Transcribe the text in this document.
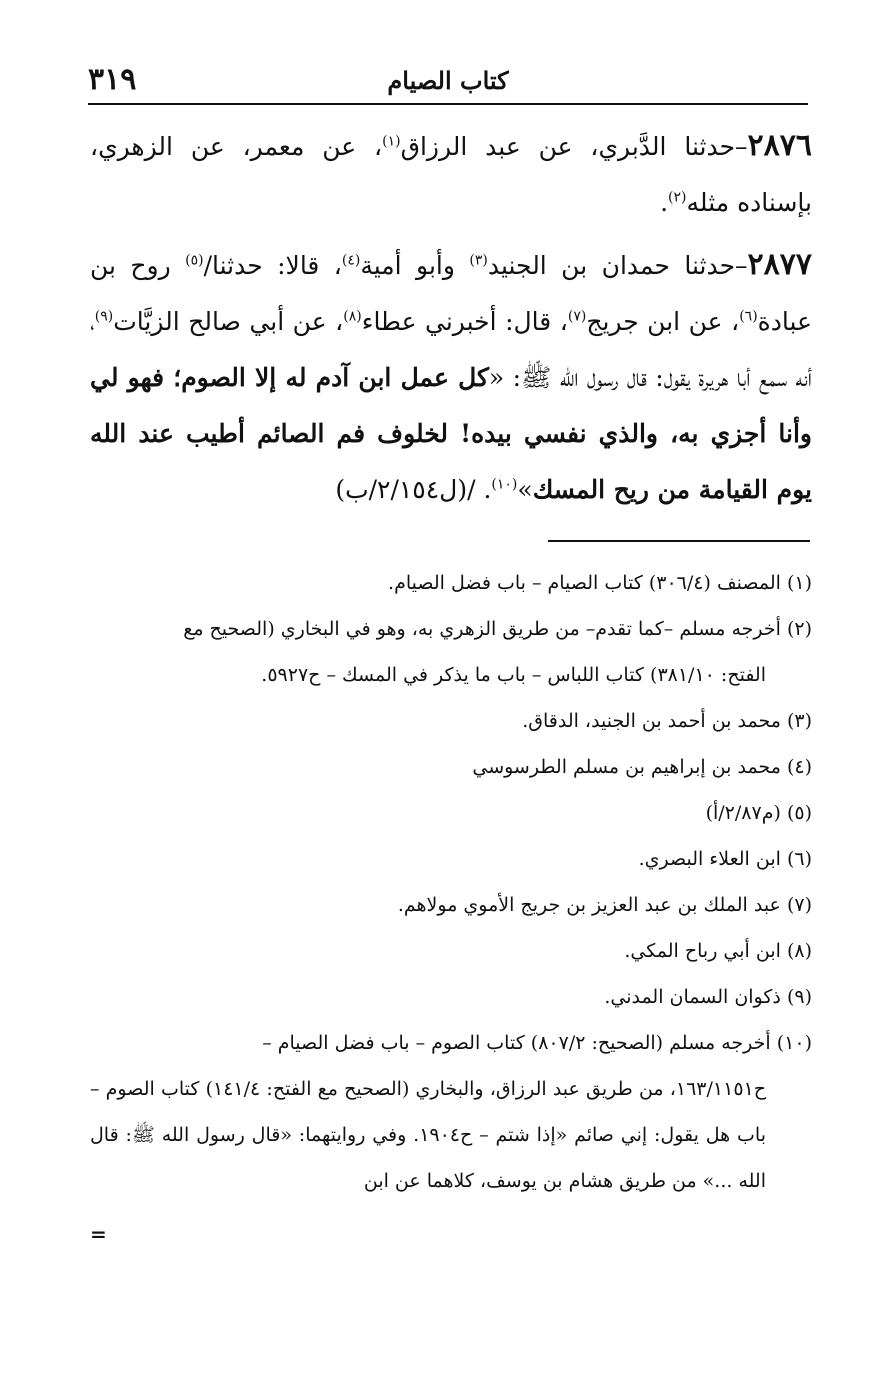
٣١٩	كتاب الصيام

٢٨٧٦–حدثنا الدَّبري، عن عبد الرزاق$^{(١)}$، عن معمر، عن الزهري، بإسناده مثله$^{(٢)}$.

٢٨٧٧–حدثنا حمدان بن الجنيد$^{(٣)}$ وأبو أمية$^{(٤)}$، قالا: حدثنا/$^{(٥)}$ روح بن عبادة$^{(٦)}$، عن ابن جريج$^{(٧)}$، قال: أخبرني عطاء$^{(٨)}$، عن أبي صالح الزيَّات$^{(٩)}$، أنه سمع أبا هريرة يقول: قال رسول الله ﷺ: «كل عمل ابن آدم له إلا الصوم؛ فهو لي وأنا أجزي به، والذي نفسي بيده! لخلوف فم الصائم أطيب عند الله يوم القيامة من ريح المسك»$^{(١٠)}$. /(ل٢/١٥٤/ب)

(١) المصنف (٣٠٦/٤) كتاب الصيام – باب فضل الصيام.

(٢) أخرجه مسلم –كما تقدم– من طريق الزهري به، وهو في البخاري (الصحيح مع

الفتح: ٣٨١/١٠) كتاب اللباس – باب ما يذكر في المسك – ح٥٩٢٧.

(٣) محمد بن أحمد بن الجنيد، الدقاق.

(٤) محمد بن إبراهيم بن مسلم الطرسوسي

(٥) (م٢/٨٧/أ)

(٦) ابن العلاء البصري.

(٧) عبد الملك بن عبد العزيز بن جريج الأموي مولاهم.

(٨) ابن أبي رباح المكي.

(٩) ذكوان السمان المدني.

(١٠) أخرجه مسلم (الصحيح: ٨٠٧/٢) كتاب الصوم – باب فضل الصيام –

ح١٦٣/١١٥١، من طريق عبد الرزاق، والبخاري (الصحيح مع الفتح: ١٤١/٤) كتاب الصوم – باب هل يقول: إني صائم «إذا شتم – ح١٩٠٤. وفي روايتهما: «قال رسول الله ﷺ: قال الله ...» من طريق هشام بن يوسف، كلاهما عن ابن

=
